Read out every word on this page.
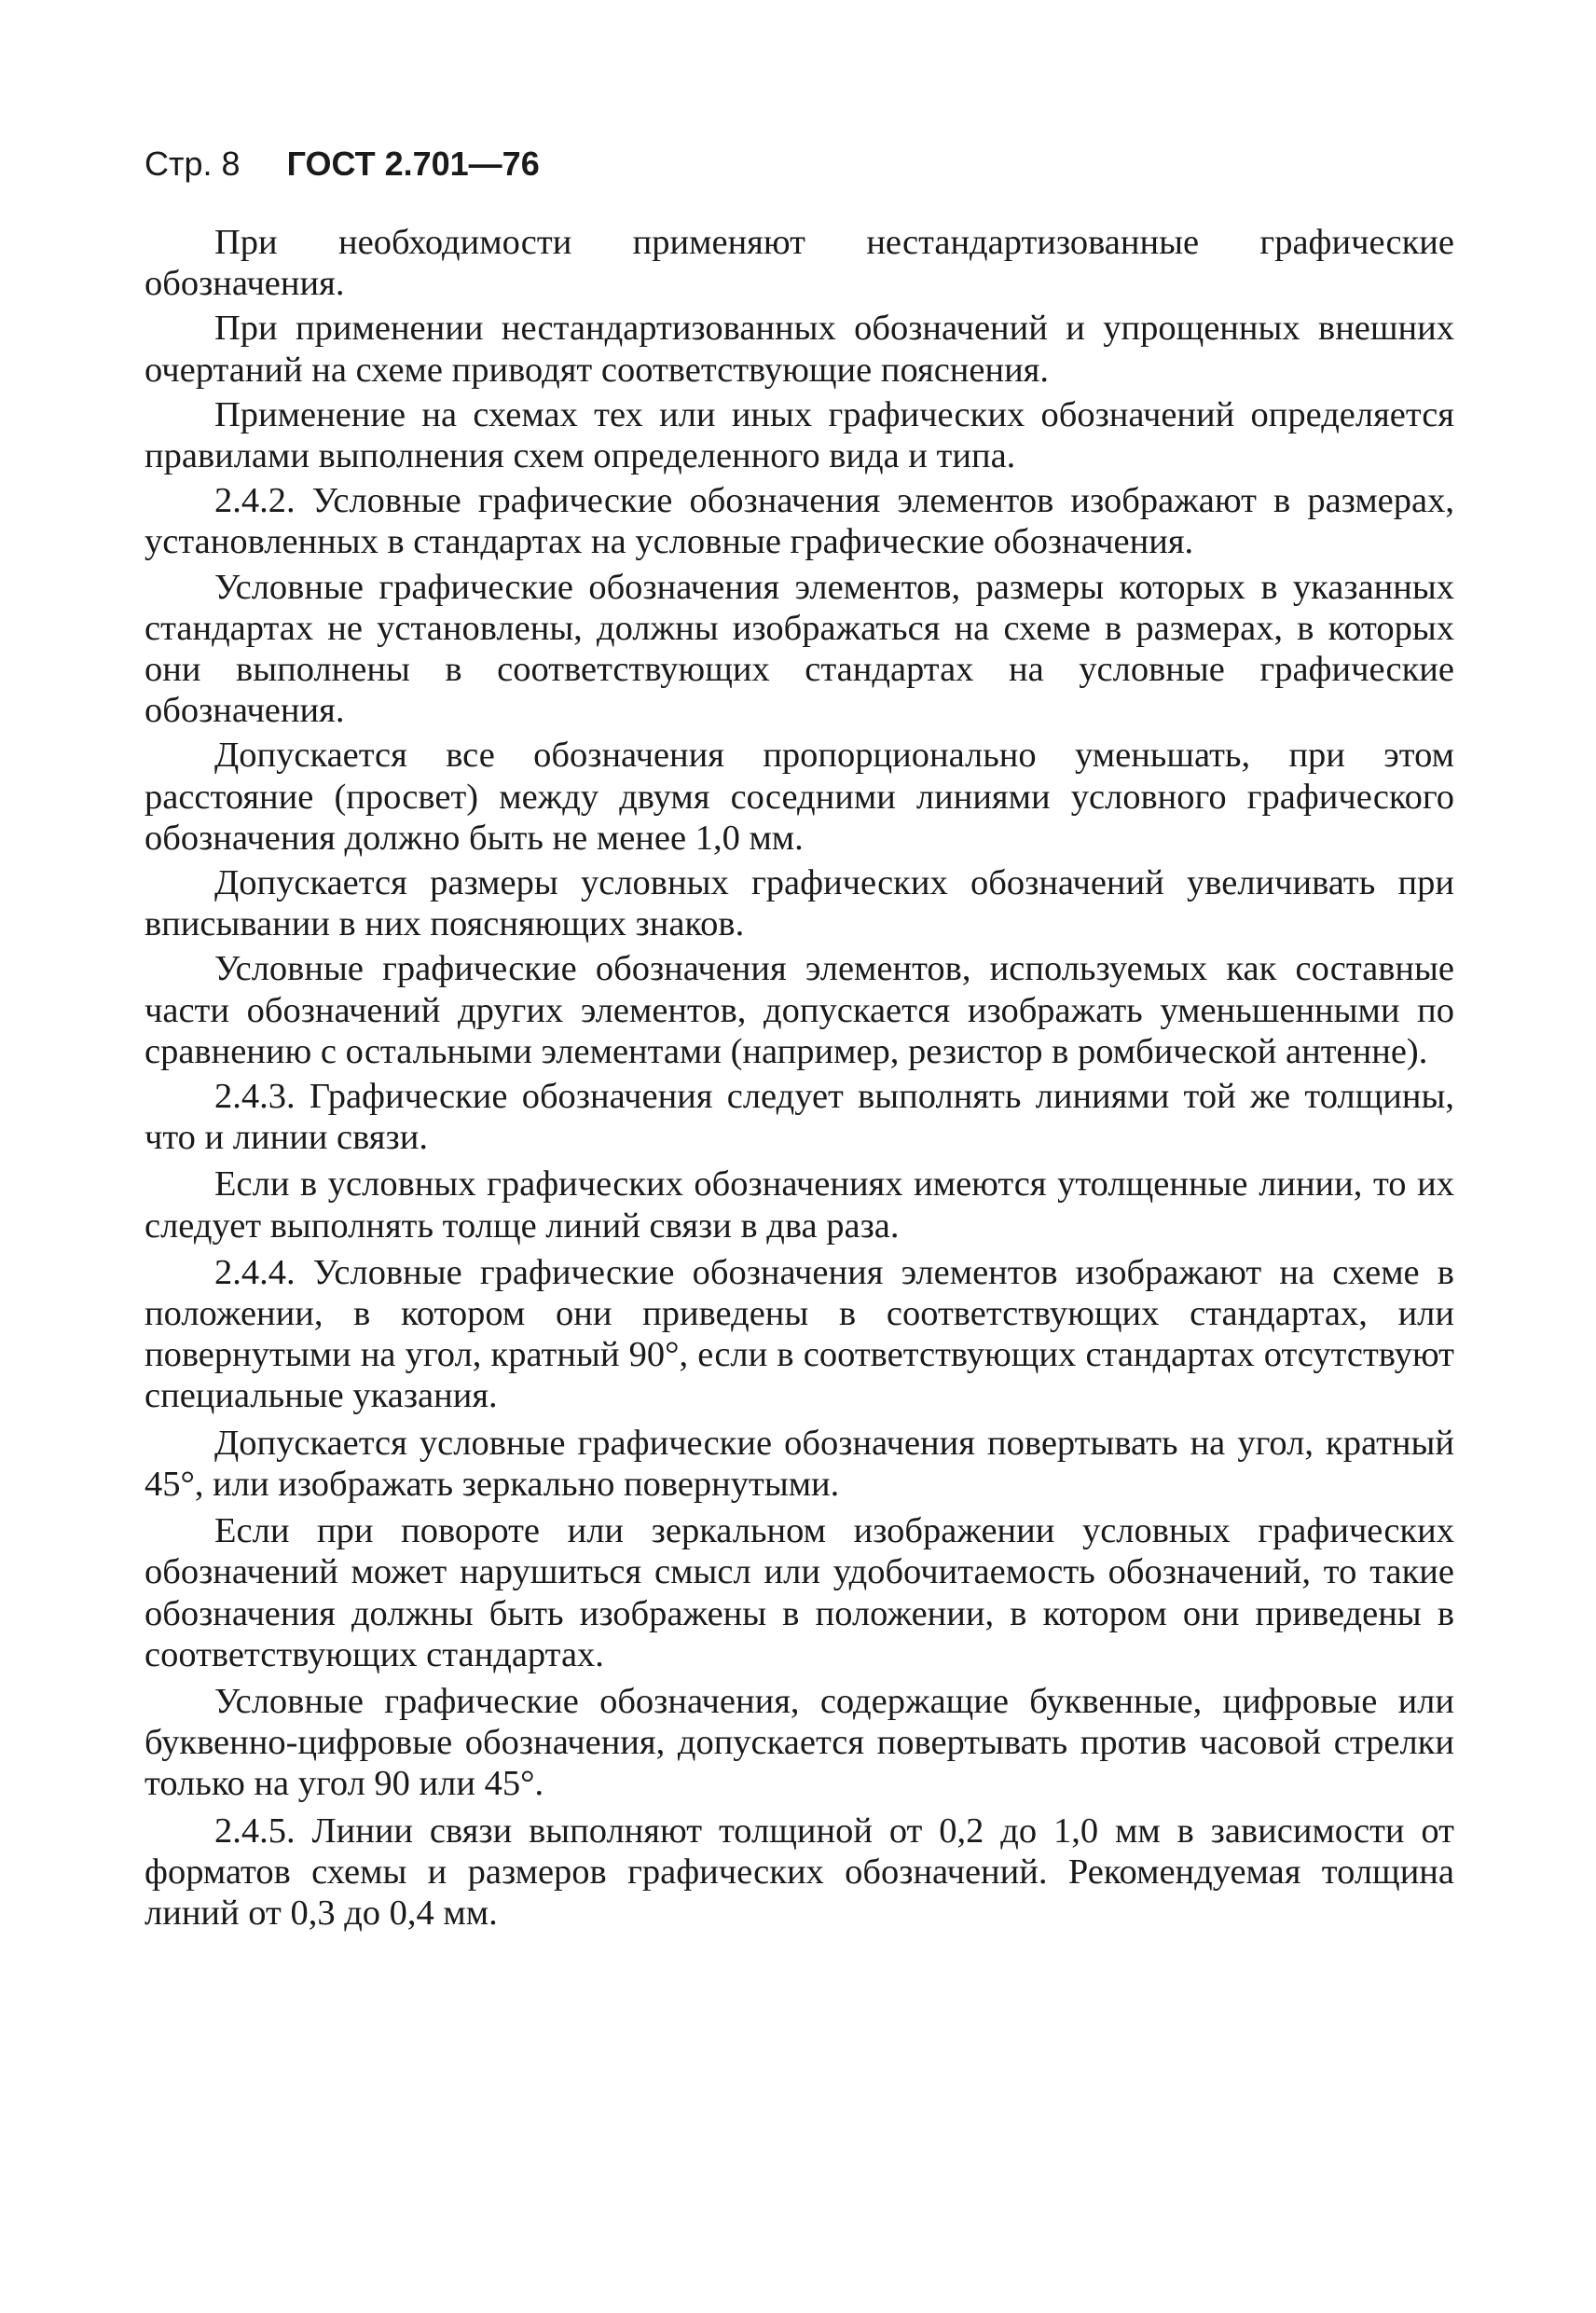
Стр. 8 ГОСТ 2.701—76

При необходимости применяют нестандартизованные графические обозначения.

При применении нестандартизованных обозначений и упрощенных внешних очертаний на схеме приводят соответствующие пояснения.

Применение на схемах тех или иных графических обозначений определяется правилами выполнения схем определенного вида и типа.

2.4.2. Условные графические обозначения элементов изображают в размерах, установленных в стандартах на условные графические обозначения.

Условные графические обозначения элементов, размеры которых в указанных стандартах не установлены, должны изображаться на схеме в размерах, в которых они выполнены в соответствующих стандартах на условные графические обозначения.

Допускается все обозначения пропорционально уменьшать, при этом расстояние (просвет) между двумя соседними линиями условного графического обозначения должно быть не менее 1,0 мм.

Допускается размеры условных графических обозначений увеличивать при вписывании в них поясняющих знаков.

Условные графические обозначения элементов, используемых как составные части обозначений других элементов, допускается изображать уменьшенными по сравнению с остальными элементами (например, резистор в ромбической антенне).

2.4.3. Графические обозначения следует выполнять линиями той же толщины, что и линии связи.

Если в условных графических обозначениях имеются утолщенные линии, то их следует выполнять толще линий связи в два раза.

2.4.4. Условные графические обозначения элементов изображают на схеме в положении, в котором они приведены в соответствующих стандартах, или повернутыми на угол, кратный 90°, если в соответствующих стандартах отсутствуют специальные указания.

Допускается условные графические обозначения повертывать на угол, кратный 45°, или изображать зеркально повернутыми.

Если при повороте или зеркальном изображении условных графических обозначений может нарушиться смысл или удобочитаемость обозначений, то такие обозначения должны быть изображены в положении, в котором они приведены в соответствующих стандартах.

Условные графические обозначения, содержащие буквенные, цифровые или буквенно-цифровые обозначения, допускается повертывать против часовой стрелки только на угол 90 или 45°.

2.4.5. Линии связи выполняют толщиной от 0,2 до 1,0 мм в зависимости от форматов схемы и размеров графических обозначений. Рекомендуемая толщина линий от 0,3 до 0,4 мм.
